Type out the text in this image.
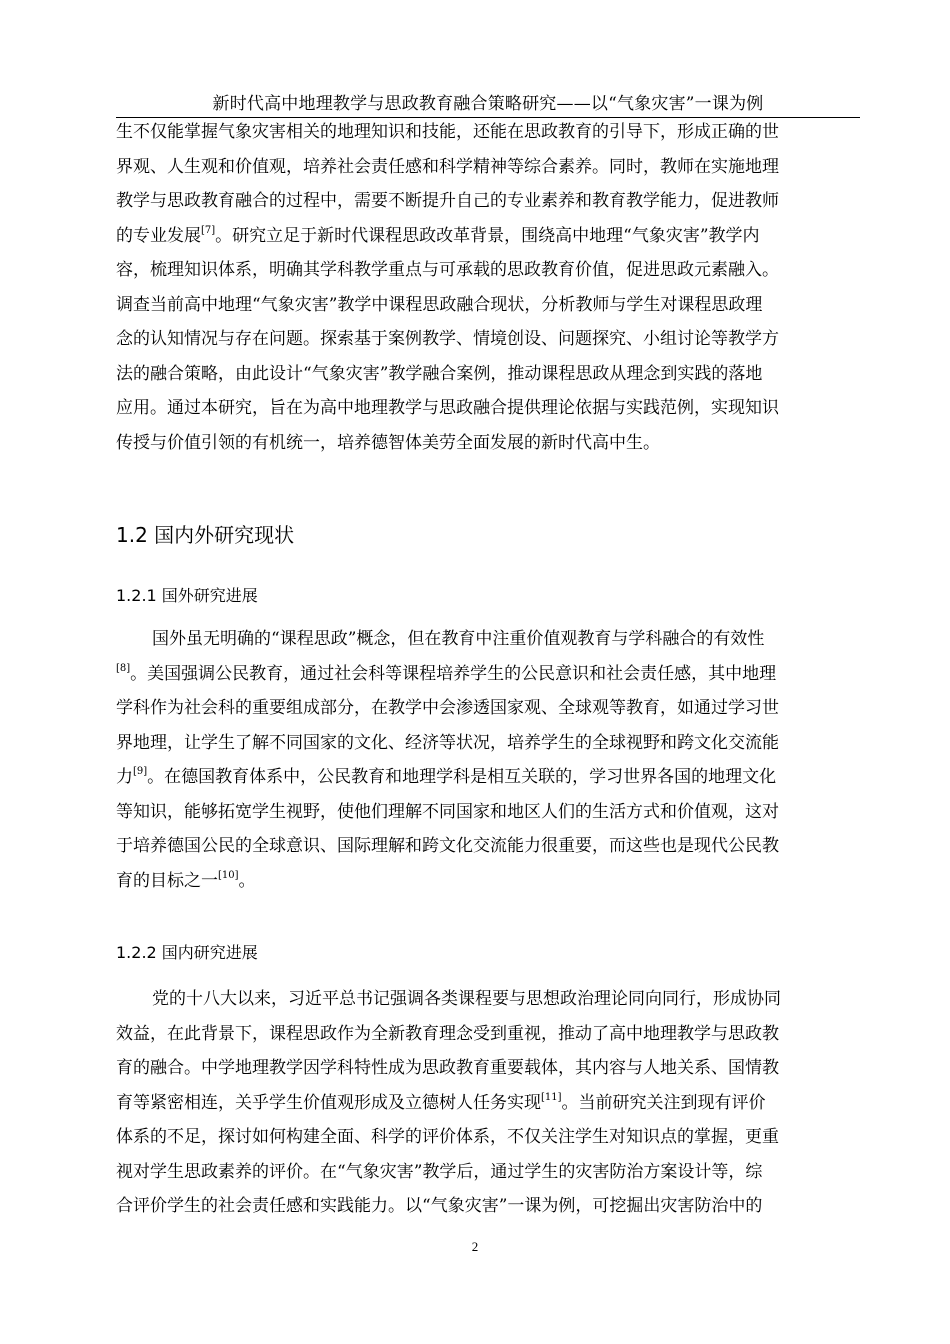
新时代高中地理教学与思政教育融合策略研究——以“气象灾害”一课为例
生不仅能掌握气象灾害相关的地理知识和技能，还能在思政教育的引导下，形成正确的世
界观、人生观和价值观，培养社会责任感和科学精神等综合素养。同时，教师在实施地理
教学与思政教育融合的过程中，需要不断提升自己的专业素养和教育教学能力，促进教师
的专业发展[7]。研究立足于新时代课程思政改革背景，围绕高中地理“气象灾害”教学内
容，梳理知识体系，明确其学科教学重点与可承载的思政教育价值，促进思政元素融入。
调查当前高中地理“气象灾害”教学中课程思政融合现状，分析教师与学生对课程思政理
念的认知情况与存在问题。探索基于案例教学、情境创设、问题探究、小组讨论等教学方
法的融合策略，由此设计“气象灾害”教学融合案例，推动课程思政从理念到实践的落地
应用。通过本研究，旨在为高中地理教学与思政融合提供理论依据与实践范例，实现知识
传授与价值引领的有机统一，培养德智体美劳全面发展的新时代高中生。
1.2 国内外研究现状
1.2.1 国外研究进展
国外虽无明确的“课程思政”概念，但在教育中注重价值观教育与学科融合的有效性
[8]。美国强调公民教育，通过社会科等课程培养学生的公民意识和社会责任感，其中地理
学科作为社会科的重要组成部分，在教学中会渗透国家观、全球观等教育，如通过学习世
界地理，让学生了解不同国家的文化、经济等状况，培养学生的全球视野和跨文化交流能
力[9]。在德国教育体系中，公民教育和地理学科是相互关联的，学习世界各国的地理文化
等知识，能够拓宽学生视野，使他们理解不同国家和地区人们的生活方式和价值观，这对
于培养德国公民的全球意识、国际理解和跨文化交流能力很重要，而这些也是现代公民教
育的目标之一[10]。
1.2.2 国内研究进展
党的十八大以来，习近平总书记强调各类课程要与思想政治理论同向同行，形成协同
效益，在此背景下，课程思政作为全新教育理念受到重视，推动了高中地理教学与思政教
育的融合。中学地理教学因学科特性成为思政教育重要载体，其内容与人地关系、国情教
育等紧密相连，关乎学生价值观形成及立德树人任务实现[11]。当前研究关注到现有评价
体系的不足，探讨如何构建全面、科学的评价体系，不仅关注学生对知识点的掌握，更重
视对学生思政素养的评价。在“气象灾害”教学后，通过学生的灾害防治方案设计等，综
合评价学生的社会责任感和实践能力。以“气象灾害”一课为例，可挖掘出灾害防治中的
2
